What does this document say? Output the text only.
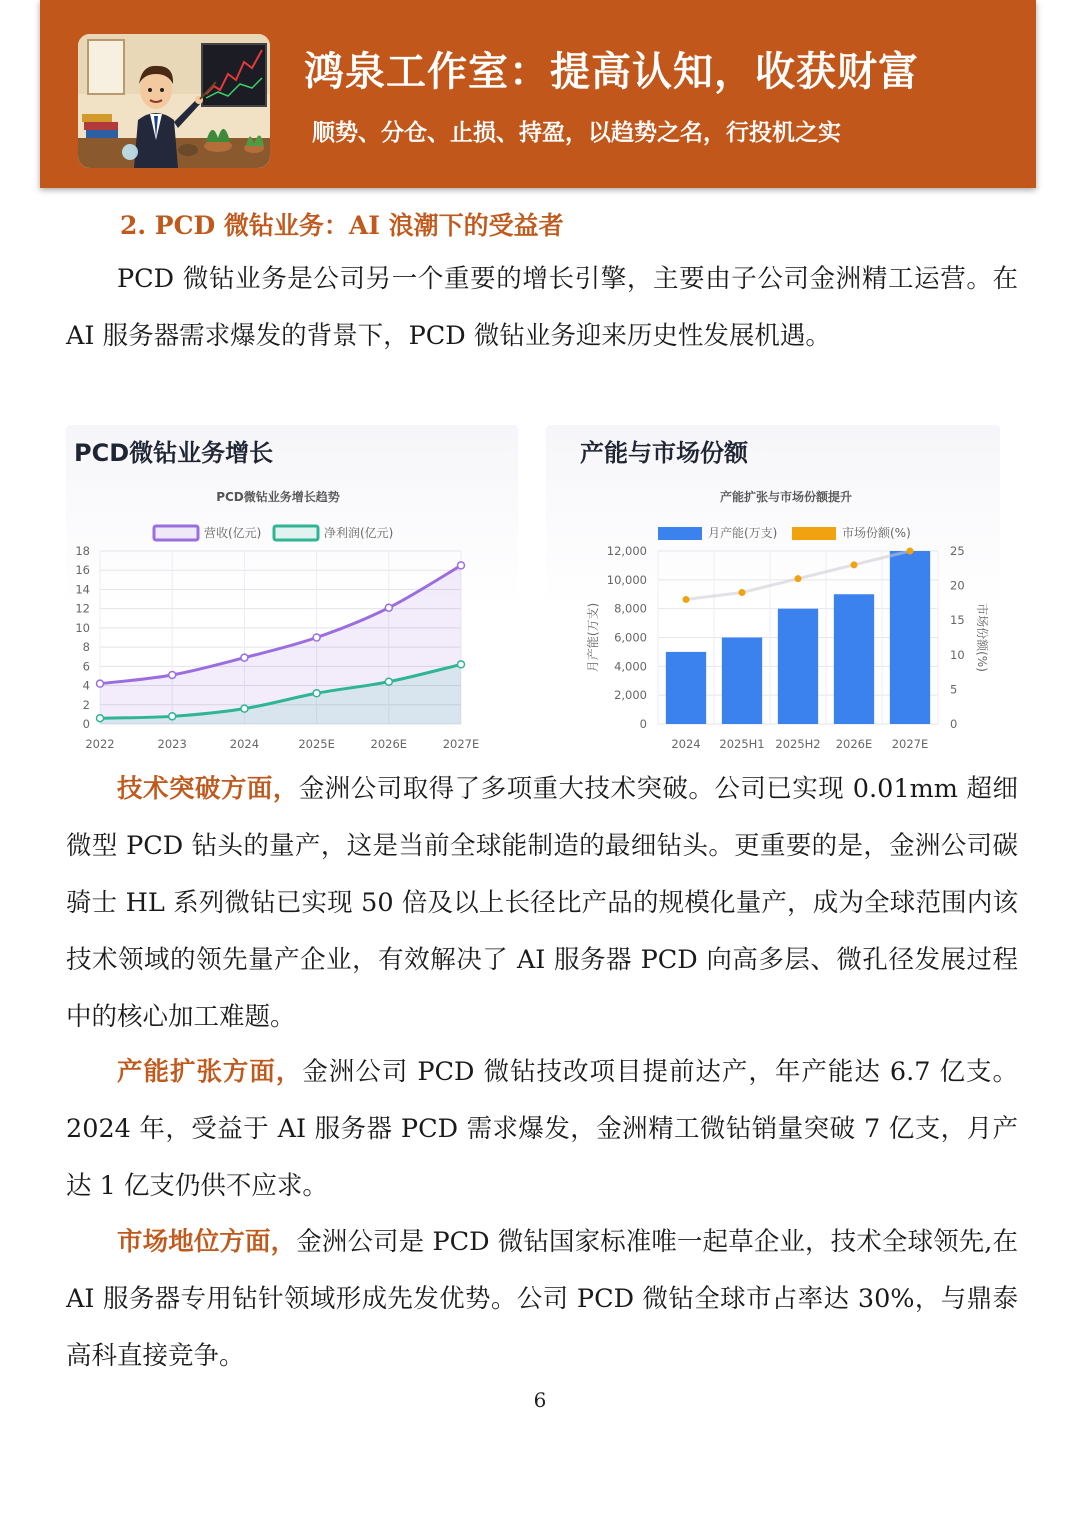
鸿泉工作室：提高认知，收获财富
顺势、分仓、止损、持盈，以趋势之名，行投机之实
2. PCD 微钻业务：AI 浪潮下的受益者

PCD 微钻业务是公司另一个重要的增长引擎，主要由子公司金洲精工运营。在 AI 服务器需求爆发的背景下，PCD 微钻业务迎来历史性发展机遇。

PCD微钻业务增长
PCD微钻业务增长趋势
营收(亿元)	净利润(亿元)
0
2
4
6
8
10
12
14
16
18
2022	2023	2024	2025E	2026E	2027E
产能与市场份额
产能扩张与市场份额提升
月产能(万支)	市场份额(%)
0
2,000
4,000
6,000
8,000
10,000
12,000
0
5
10
15
20
25
月产能(万支)	市场份额(%)
2024 2025H1 2025H2 2026E 2027E

技术突破方面，金洲公司取得了多项重大技术突破。公司已实现 0.01mm 超细微型 PCD 钻头的量产，这是当前全球能制造的最细钻头。更重要的是，金洲公司碳骑士 HL 系列微钻已实现 50 倍及以上长径比产品的规模化量产，成为全球范围内该技术领域的领先量产企业，有效解决了 AI 服务器 PCD 向高多层、微孔径发展过程中的核心加工难题。

产能扩张方面，金洲公司 PCD 微钻技改项目提前达产，年产能达 6.7 亿支。2024 年，受益于 AI 服务器 PCD 需求爆发，金洲精工微钻销量突破 7 亿支，月产达 1 亿支仍供不应求。

市场地位方面，金洲公司是 PCD 微钻国家标准唯一起草企业，技术全球领先,在 AI 服务器专用钻针领域形成先发优势。公司 PCD 微钻全球市占率达 30%，与鼎泰高科直接竞争。

6
